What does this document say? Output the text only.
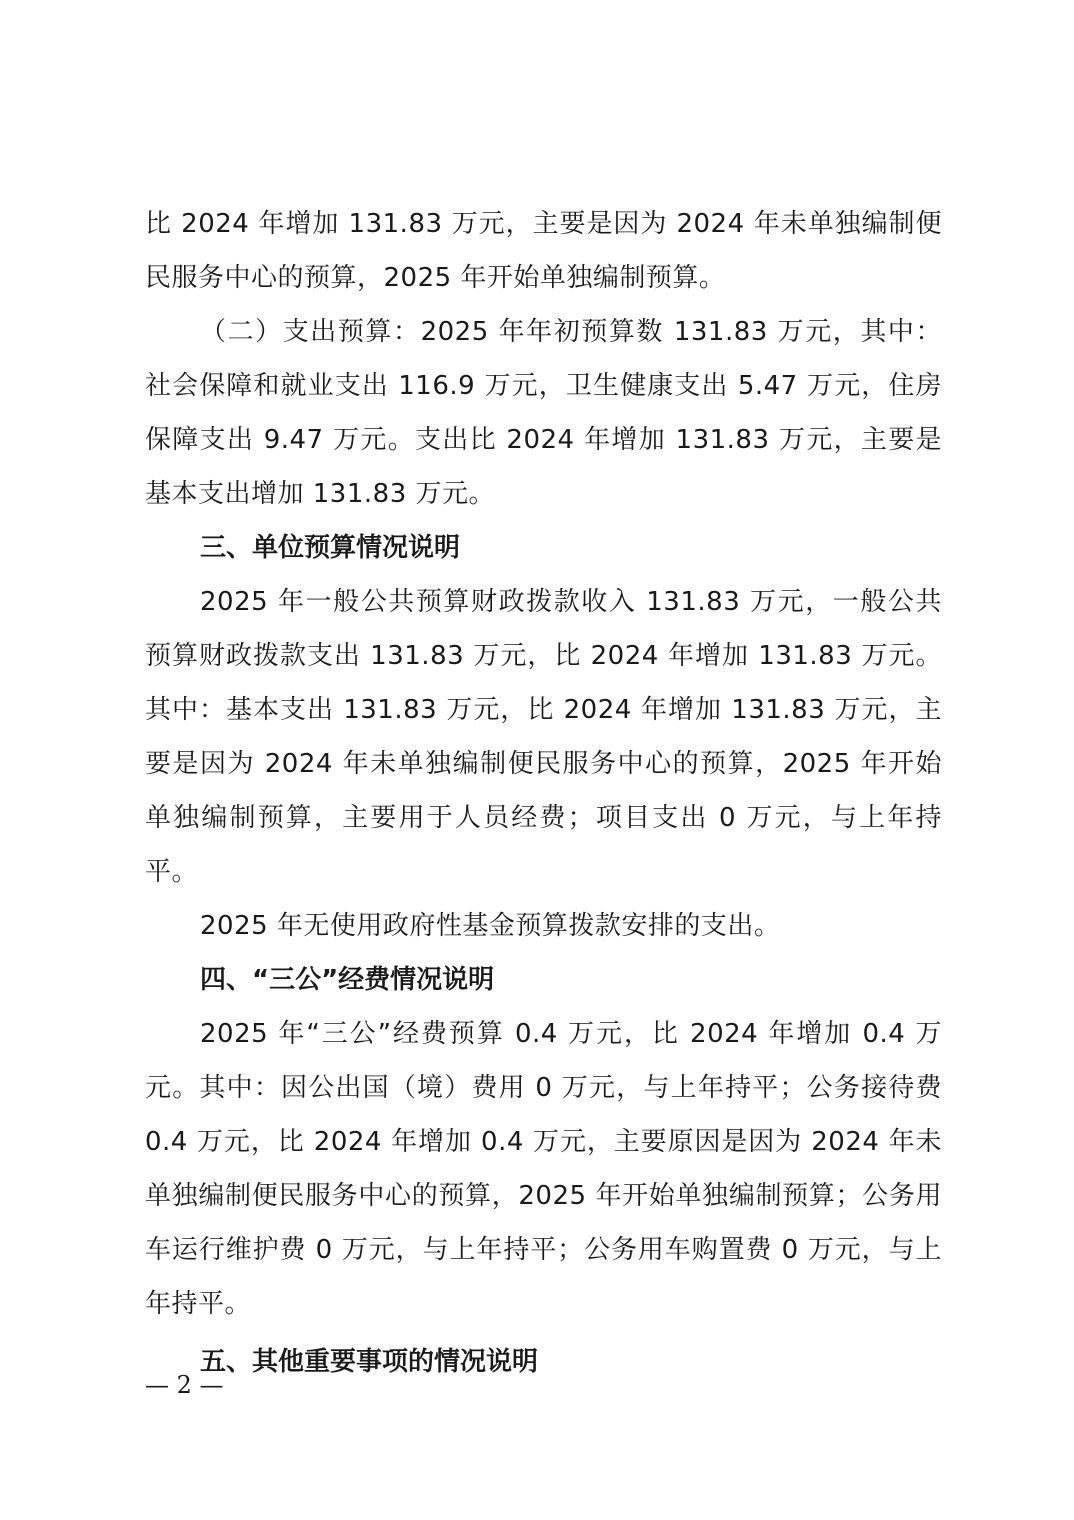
比 2024 年增加 131.83 万元，主要是因为 2024 年未单独编制便民服务中心的预算，2025 年开始单独编制预算。

（二）支出预算：2025 年年初预算数 131.83 万元，其中：社会保障和就业支出 116.9 万元，卫生健康支出 5.47 万元，住房保障支出 9.47 万元。支出比 2024 年增加 131.83 万元，主要是基本支出增加 131.83 万元。

三、单位预算情况说明

2025 年一般公共预算财政拨款收入 131.83 万元，一般公共预算财政拨款支出 131.83 万元，比 2024 年增加 131.83 万元。其中：基本支出 131.83 万元，比 2024 年增加 131.83 万元，主要是因为 2024 年未单独编制便民服务中心的预算，2025 年开始单独编制预算，主要用于人员经费；项目支出 0 万元，与上年持平。

2025 年无使用政府性基金预算拨款安排的支出。

四、“三公”经费情况说明

2025 年“三公”经费预算 0.4 万元，比 2024 年增加 0.4 万元。其中：因公出国（境）费用 0 万元，与上年持平；公务接待费 0.4 万元，比 2024 年增加 0.4 万元，主要原因是因为 2024 年未单独编制便民服务中心的预算，2025 年开始单独编制预算；公务用车运行维护费 0 万元，与上年持平；公务用车购置费 0 万元，与上年持平。

五、其他重要事项的情况说明

— 2 —
